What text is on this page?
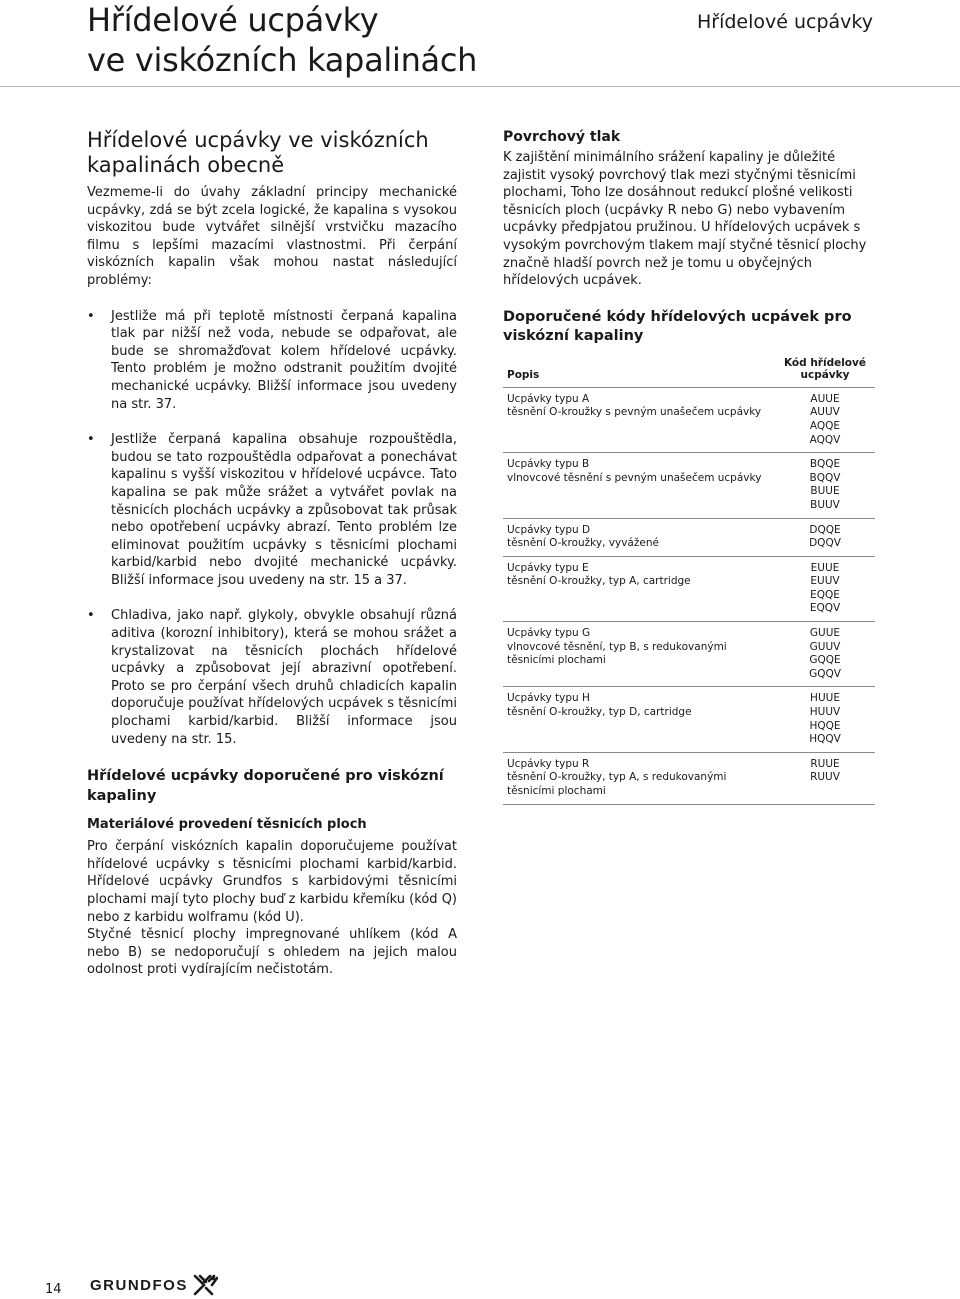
Hřídelové ucpávky
ve viskózních kapalinách
Hřídelové ucpávky
Hřídelové ucpávky ve viskózních kapalinách obecně

Vezmeme-li do úvahy základní principy mechanické ucpávky, zdá se být zcela logické, že kapalina s vysokou viskozitou bude vytvářet silnější vrstvičku mazacího filmu s lepšími mazacími vlastnostmi. Při čerpání viskózních kapalin však mohou nastat následující problémy:

• Jestliže má při teplotě místnosti čerpaná kapalina tlak par nižší než voda, nebude se odpařovat, ale bude se shromažďovat kolem hřídelové ucpávky. Tento problém je možno odstranit použitím dvojité mechanické ucpávky. Bližší informace jsou uvedeny na str. 37.
• Jestliže čerpaná kapalina obsahuje rozpouštědla, budou se tato rozpouštědla odpařovat a ponechávat kapalinu s vyšší viskozitou v hřídelové ucpávce. Tato kapalina se pak může srážet a vytvářet povlak na těsnicích plochách ucpávky a způsobovat tak průsak nebo opotřebení ucpávky abrazí. Tento problém lze eliminovat použitím ucpávky s těsnicími plochami karbid/karbid nebo dvojité mechanické ucpávky. Bližší informace jsou uvedeny na str. 15 a 37.
• Chladiva, jako např. glykoly, obvykle obsahují různá aditiva (korozní inhibitory), která se mohou srážet a krystalizovat na těsnicích plochách hřídelové ucpávky a způsobovat její abrazivní opotřebení. Proto se pro čerpání všech druhů chladicích kapalin doporučuje používat hřídelových ucpávek s těsnicími plochami karbid/karbid. Bližší informace jsou uvedeny na str. 15.
Hřídelové ucpávky doporučené pro viskózní kapaliny
Materiálové provedení těsnicích ploch

Pro čerpání viskózních kapalin doporučujeme používat hřídelové ucpávky s těsnicími plochami karbid/karbid. Hřídelové ucpávky Grundfos s karbidovými těsnicími plochami mají tyto plochy buď z karbidu křemíku (kód Q) nebo z karbidu wolframu (kód U).

Styčné těsnicí plochy impregnované uhlíkem (kód A nebo B) se nedoporučují s ohledem na jejich malou odolnost proti vydírajícím nečistotám.

Povrchový tlak

K zajištění minimálního srážení kapaliny je důležité zajistit vysoký povrchový tlak mezi styčnými těsnicími plochami, Toho lze dosáhnout redukcí plošné velikosti těsnicích ploch (ucpávky R nebo G) nebo vybavením ucpávky předpjatou pružinou. U hřídelových ucpávek s vysokým povrchovým tlakem mají styčné těsnicí plochy značně hladší povrch než je tomu u obyčejných hřídelových ucpávek.

Doporučené kódy hřídelových ucpávek pro viskózní kapaliny
Popis	Kód hřídelové ucpávky

Ucpávky typu A
těsnění O-kroužky s pevným unašečem ucpávky	AUUE
AUUV
AQQE
AQQV

Ucpávky typu B
vlnovcové těsnění s pevným unašečem ucpávky	BQQE
BQQV
BUUE
BUUV

Ucpávky typu D
těsnění O-kroužky, vyvážené	DQQE
DQQV

Ucpávky typu E
těsnění O-kroužky, typ A, cartridge	EUUE
EUUV
EQQE
EQQV

Ucpávky typu G
vlnovcové těsnění, typ B, s redukovanými těsnicími plochami	GUUE
GUUV
GQQE
GQQV

Ucpávky typu H
těsnění O-kroužky, typ D, cartridge	HUUE
HUUV
HQQE
HQQV

Ucpávky typu R
těsnění O-kroužky, typ A, s redukovanými těsnicími plochami	RUUE
RUUV
14 GRUNDFOS
